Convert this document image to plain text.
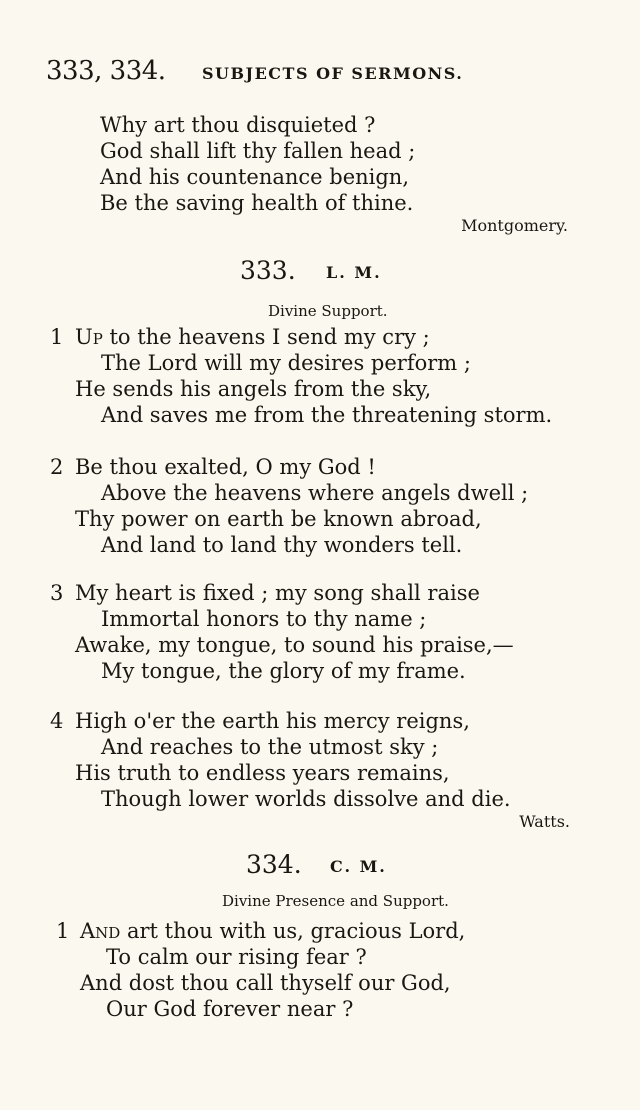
333, 334. SUBJECTS OF SERMONS.
Why art thou disquieted ?
God shall lift thy fallen head ;
And his countenance benign,
Be the saving health of thine.
Montgomery.
333. L. M.
Divine Support.
1 Up to the heavens I send my cry ;
The Lord will my desires perform ;
He sends his angels from the sky,
And saves me from the threatening storm.
2 Be thou exalted, O my God !
Above the heavens where angels dwell ;
Thy power on earth be known abroad,
And land to land thy wonders tell.
3 My heart is fixed ; my song shall raise
Immortal honors to thy name ;
Awake, my tongue, to sound his praise,—
My tongue, the glory of my frame.
4 High o'er the earth his mercy reigns,
And reaches to the utmost sky ;
His truth to endless years remains,
Though lower worlds dissolve and die.
Watts.
334. C. M.
Divine Presence and Support.
1 And art thou with us, gracious Lord,
To calm our rising fear ?
And dost thou call thyself our God,
Our God forever near ?
